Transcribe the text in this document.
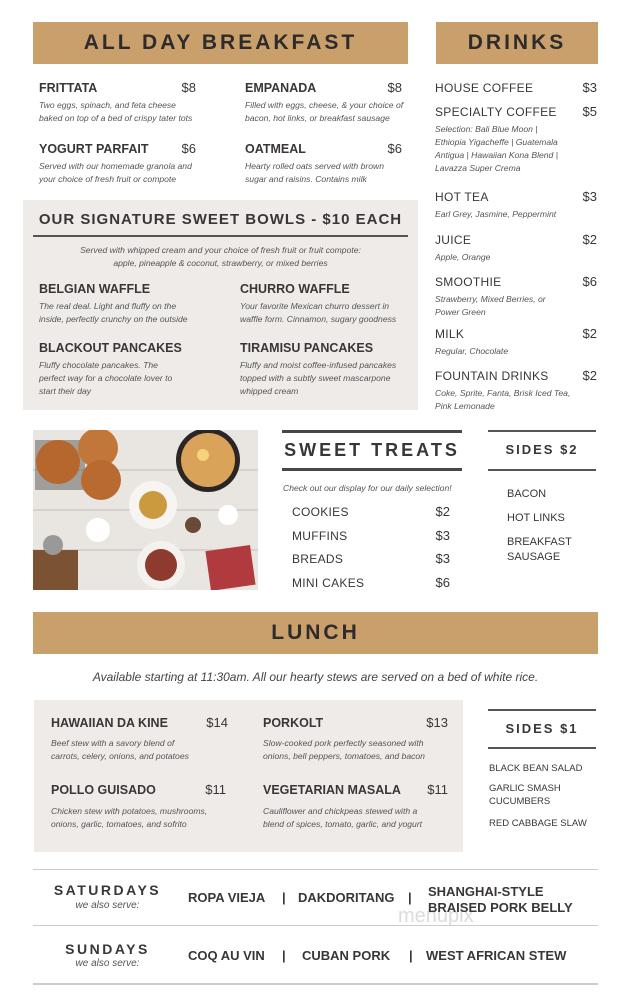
ALL DAY BREAKFAST	DRINKS
OUR SIGNATURE SWEET BOWLS - $10 EACH
Served with whipped cream and your choice of fresh fruit or fruit compote:
apple, pineapple & coconut, strawberry, or mixed berries
SWEET TREATS
Check out our display for our daily selection!
SIDES $2
LUNCH
Available starting at 11:30am. All our hearty stews are served on a bed of white rice.
SIDES $1
SATURDAYS
we also serve:
SUNDAYS
we also serve:
menupix
FRITTATA	$8
Two eggs, spinach, and feta cheese
baked on top of a bed of crispy tater tots
EMPANADA	$8
Filled with eggs, cheese, & your choice of
bacon, hot links, or breakfast sausage
YOGURT PARFAIT	$6
Served with our homemade granola and
your choice of fresh fruit or compote
OATMEAL	$6
Hearty rolled oats served with brown
sugar and raisins. Contains milk
BELGIAN WAFFLE
The real deal. Light and fluffy on the
inside, perfectly crunchy on the outside
CHURRO WAFFLE
Your favorite Mexican churro dessert in
waffle form. Cinnamon, sugary goodness
BLACKOUT PANCAKES
Fluffy chocolate pancakes. The
perfect way for a chocolate lover to
start their day
TIRAMISU PANCAKES
Fluffy and moist coffee-infused pancakes
topped with a subtly sweet mascarpone
whipped cream
HOUSE COFFEE	$3
SPECIALTY COFFEE $5
Selection: Bali Blue Moon |
Ethiopia Yigacheffe | Guatemala
Antigua | Hawaiian Kona Blend |
Lavazza Super Crema
HOT TEA	$3
Earl Grey, Jasmine, Peppermint
JUICE	$2
Apple, Orange
SMOOTHIE	$6
Strawberry, Mixed Berries, or
Power Green
MILK	$2
Regular, Chocolate
FOUNTAIN DRINKS	$2
Coke, Sprite, Fanta, Brisk Iced Tea,
Pink Lemonade
COOKIES	$2
MUFFINS	$3
BREADS	$3
MINI CAKES	$6
BACON
HOT LINKS
BREAKFAST SAUSAGE
HAWAIIAN DA KINE	$14
Beef stew with a savory blend of
carrots, celery, onions, and potatoes
PORKOLT	$13
Slow-cooked pork perfectly seasoned with
onions, bell peppers, tomatoes, and bacon
POLLO GUISADO	$11
Chicken stew with potatoes, mushrooms,
onions, garlic, tomatoes, and sofrito
VEGETARIAN MASALA $11
Cauliflower and chickpeas stewed with a
blend of spices, tomato, garlic, and yogurt
BLACK BEAN SALAD
GARLIC SMASH CUCUMBERS
RED CABBAGE SLAW
ROPA VIEJA | DAKDORITANG | SHANGHAI-STYLE
BRAISED PORK BELLY
COQ AU VIN | CUBAN PORK | WEST AFRICAN STEW
